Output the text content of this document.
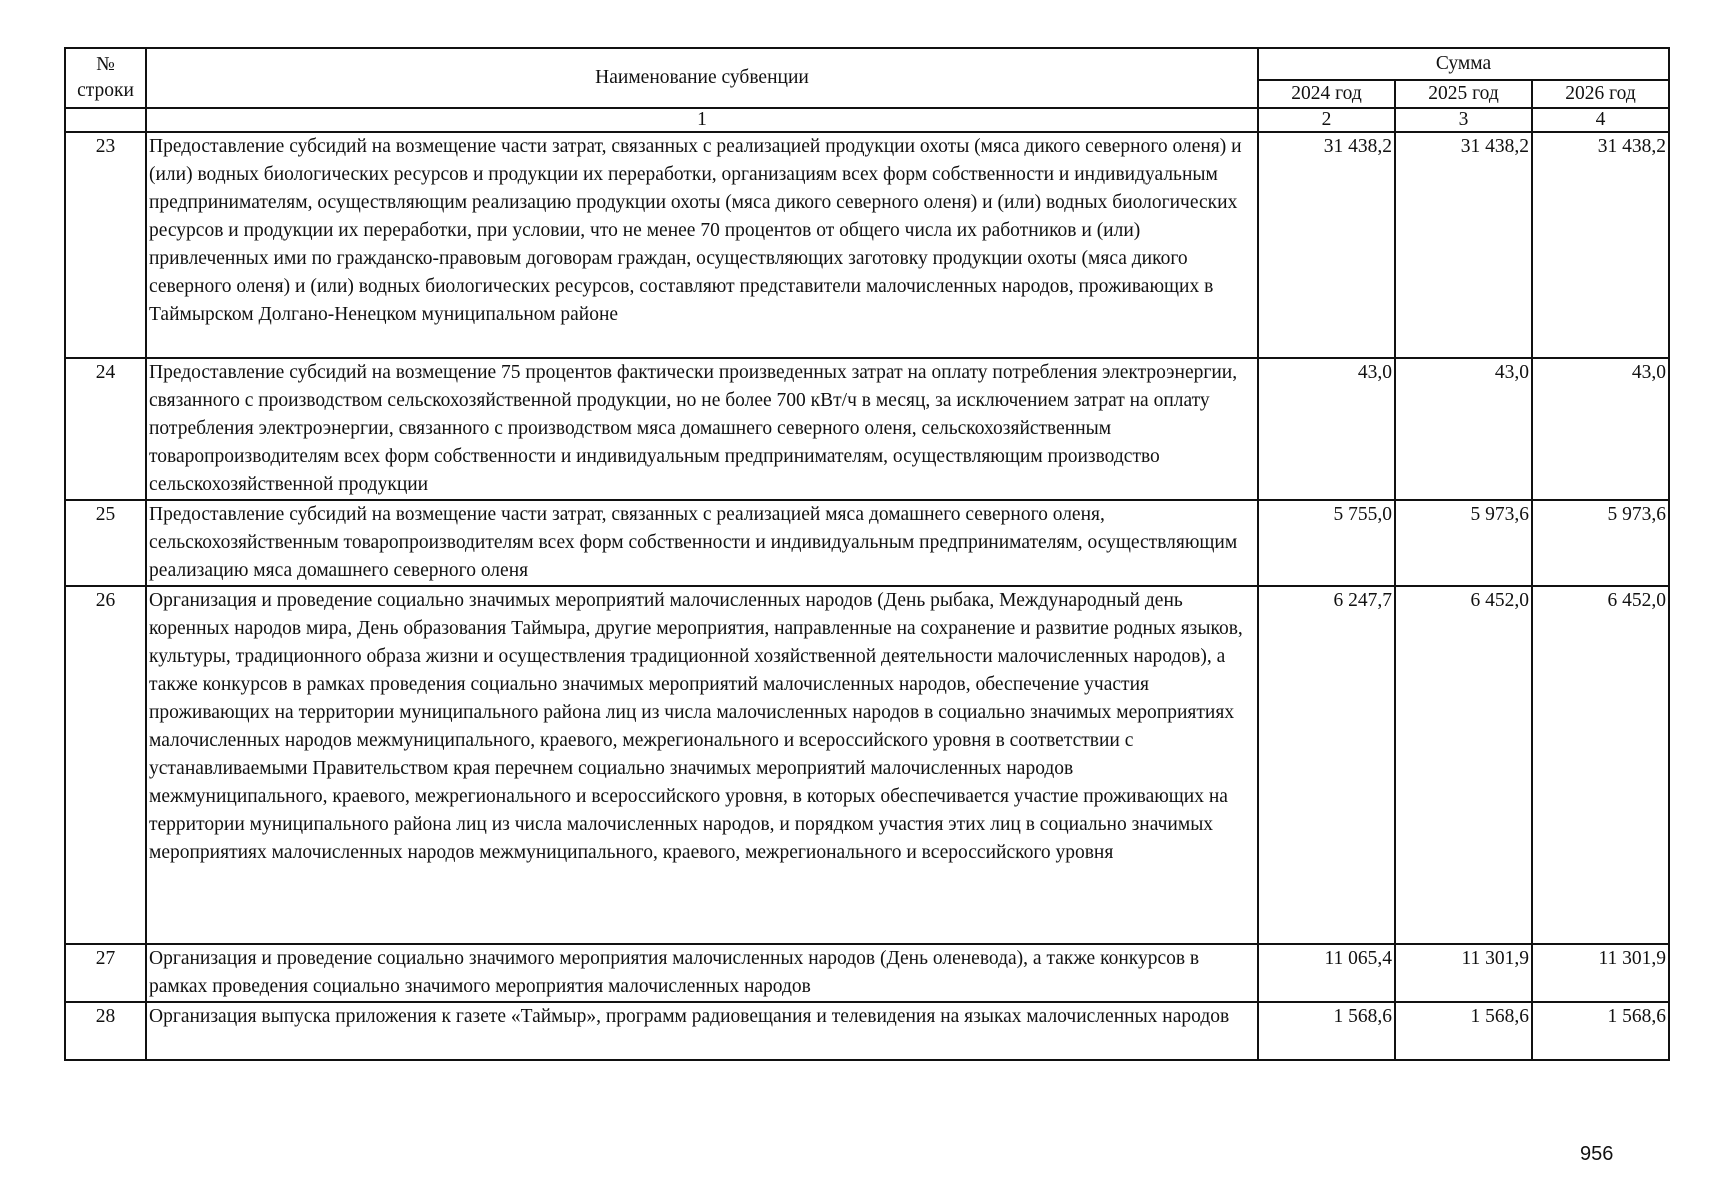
№ строки	Наименование субвенции	Сумма		
		2024 год	2025 год	2026 год
	1	2	3	4
23	Предоставление субсидий на возмещение части затрат, связанных с реализацией продукции охоты (мяса дикого северного оленя) и (или) водных биологических ресурсов и продукции их переработки, организациям всех форм собственности и индивидуальным предпринимателям, осуществляющим реализацию продукции охоты (мяса дикого северного оленя) и (или) водных биологических ресурсов и продукции их переработки, при условии, что не менее 70 процентов от общего числа их работников и (или) привлеченных ими по гражданско-правовым договорам граждан, осуществляющих заготовку продукции охоты (мяса дикого северного оленя) и (или) водных биологических ресурсов, составляют представители малочисленных народов, проживающих в Таймырском Долгано-Ненецком муниципальном районе	31 438,2	31 438,2	31 438,2
24	Предоставление субсидий на возмещение 75 процентов фактически произведенных затрат на оплату потребления электроэнергии, связанного с производством сельскохозяйственной продукции, но не более 700 кВт/ч в месяц, за исключением затрат на оплату потребления электроэнергии, связанного с производством мяса домашнего северного оленя, сельскохозяйственным товаропроизводителям всех форм собственности и индивидуальным предпринимателям, осуществляющим производство сельскохозяйственной продукции	43,0	43,0	43,0
25	Предоставление субсидий на возмещение части затрат, связанных с реализацией мяса домашнего северного оленя, сельскохозяйственным товаропроизводителям всех форм собственности и индивидуальным предпринимателям, осуществляющим реализацию мяса домашнего северного оленя	5 755,0	5 973,6	5 973,6
26	Организация и проведение социально значимых мероприятий малочисленных народов (День рыбака, Международный день коренных народов мира, День образования Таймыра, другие мероприятия, направленные на сохранение и развитие родных языков, культуры, традиционного образа жизни и осуществления традиционной хозяйственной деятельности малочисленных народов), а также конкурсов в рамках проведения социально значимых мероприятий малочисленных народов, обеспечение участия проживающих на территории муниципального района лиц из числа малочисленных народов в социально значимых мероприятиях малочисленных народов межмуниципального, краевого, межрегионального и всероссийского уровня в соответствии с устанавливаемыми Правительством края перечнем социально значимых мероприятий малочисленных народов межмуниципального, краевого, межрегионального и всероссийского уровня, в которых обеспечивается участие проживающих на территории муниципального района лиц из числа малочисленных народов, и порядком участия этих лиц в социально значимых мероприятиях малочисленных народов межмуниципального, краевого, межрегионального и всероссийского уровня	6 247,7	6 452,0	6 452,0
27	Организация и проведение социально значимого мероприятия малочисленных народов (День оленевода), а также конкурсов в рамках проведения социально значимого мероприятия малочисленных народов	11 065,4	11 301,9	11 301,9
28	Организация выпуска приложения к газете «Таймыр», программ радиовещания и телевидения на языках малочисленных народов	1 568,6	1 568,6	1 568,6
956
